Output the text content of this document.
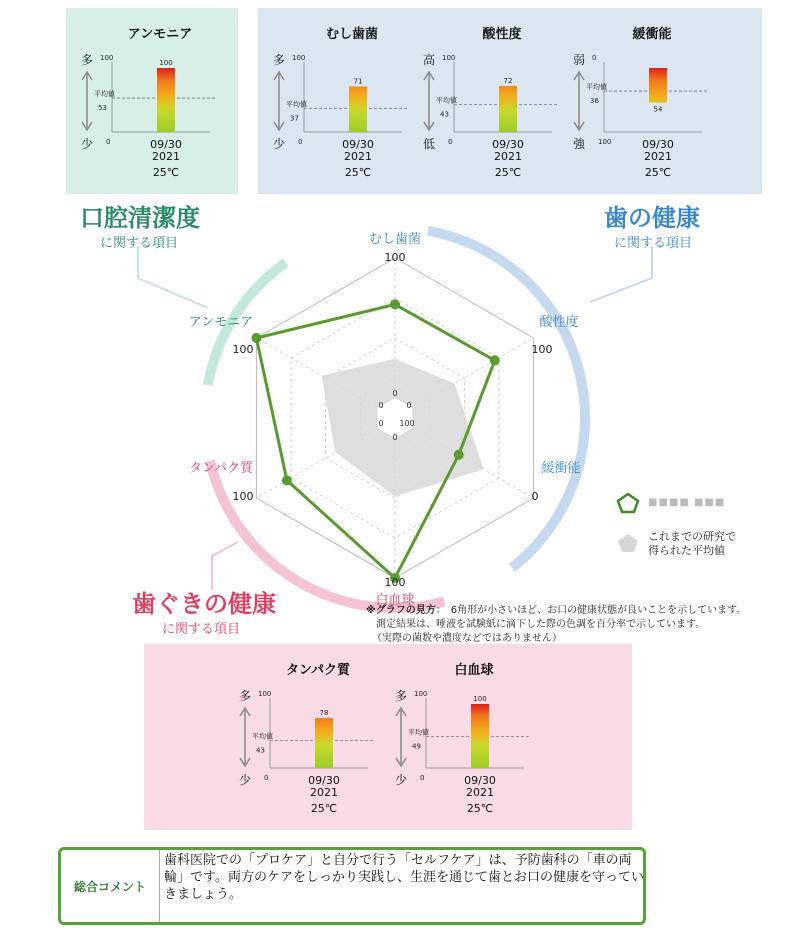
アンモニア
多
少
100
0
平均値
53
100
09/30
2021
25℃
むし歯菌
多
少
100
0
平均値
37
71
09/30
2021
25℃
酸性度
高
低
100
0
平均値
43
72
09/30
2021
25℃
緩衝能
弱
強
0
100
平均値
36
54
09/30
2021
25℃
タンパク質
多
少
100
0
平均値
43
78
09/30
2021
25℃
白血球
多
少
100
0
平均値
49
100
09/30
2021
25℃
0
0
100
0
0
0
むし歯菌
100
酸性度
100
緩衝能
0
白血球
100
タンパク質
100
アンモニア
100
口腔清潔度
に関する項目
歯の健康
に関する項目
歯ぐきの健康
に関する項目
■■■■ ■■■
これまでの研究で
得られた平均値
※グラフの見方：　6角形が小さいほど、お口の健康状態が良いことを示しています。
測定結果は、唾液を試験紙に滴下した際の色調を百分率で示しています。
（実際の菌数や濃度などではありません）
総合コメント
歯科医院での「プロケア」と自分で行う「セルフケア」は、予防歯科の「車の両輪」です。両方のケアをしっかり実践し、生涯を通じて歯とお口の健康を守っていきましょう。
